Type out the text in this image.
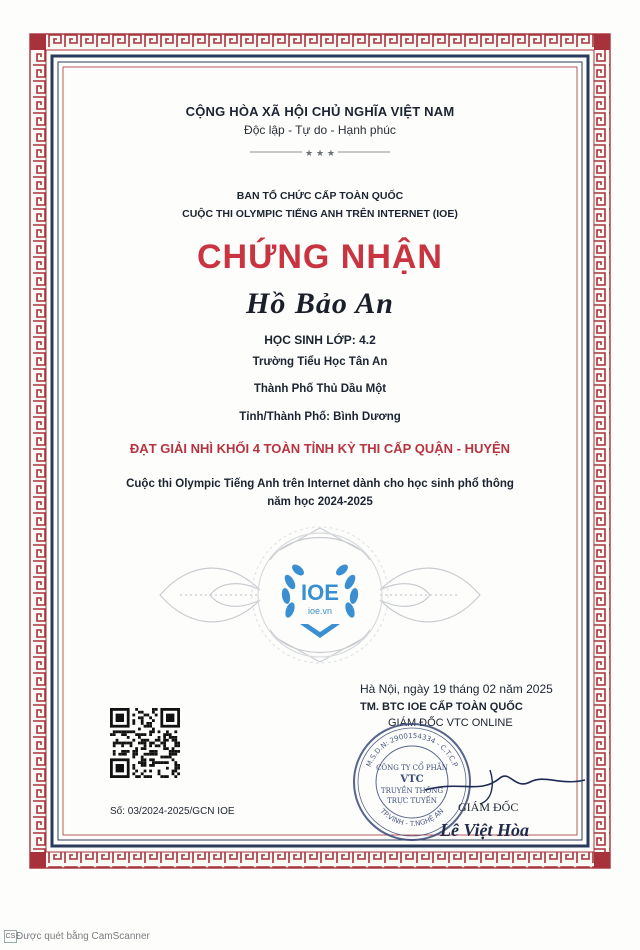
★ ★ ★
CỘNG HÒA XÃ HỘI CHỦ NGHĨA VIỆT NAM
Độc lập - Tự do - Hạnh phúc
BAN TỔ CHỨC CẤP TOÀN QUỐC
CUỘC THI OLYMPIC TIẾNG ANH TRÊN INTERNET (IOE)
CHỨNG NHẬN
Hồ Bảo An
HỌC SINH LỚP: 4.2
Trường Tiểu Học Tân An
Thành Phố Thủ Dầu Một
Tỉnh/Thành Phố: Bình Dương
ĐẠT GIẢI NHÌ KHỐI 4 TOÀN TỈNH KỲ THI CẤP QUẬN - HUYỆN
Cuộc thi Olympic Tiếng Anh trên Internet dành cho học sinh phổ thông
năm học 2024-2025
IOE
ioe.vn
Số: 03/2024-2025/GCN IOE
Hà Nội, ngày 19 tháng 02 năm 2025
TM. BTC IOE CẤP TOÀN QUỐC
GIÁM ĐỐC VTC ONLINE
M.S.D.N: 2900154334 - C.T.C.P
TP.VINH - T.NGHỆ AN
CÔNG TY CỔ PHẦN
VTC
TRUYỀN THÔNG
TRỰC TUYẾN GIÁM ĐỐC
Lê Việt Hòa
CS Được quét bằng CamScanner
